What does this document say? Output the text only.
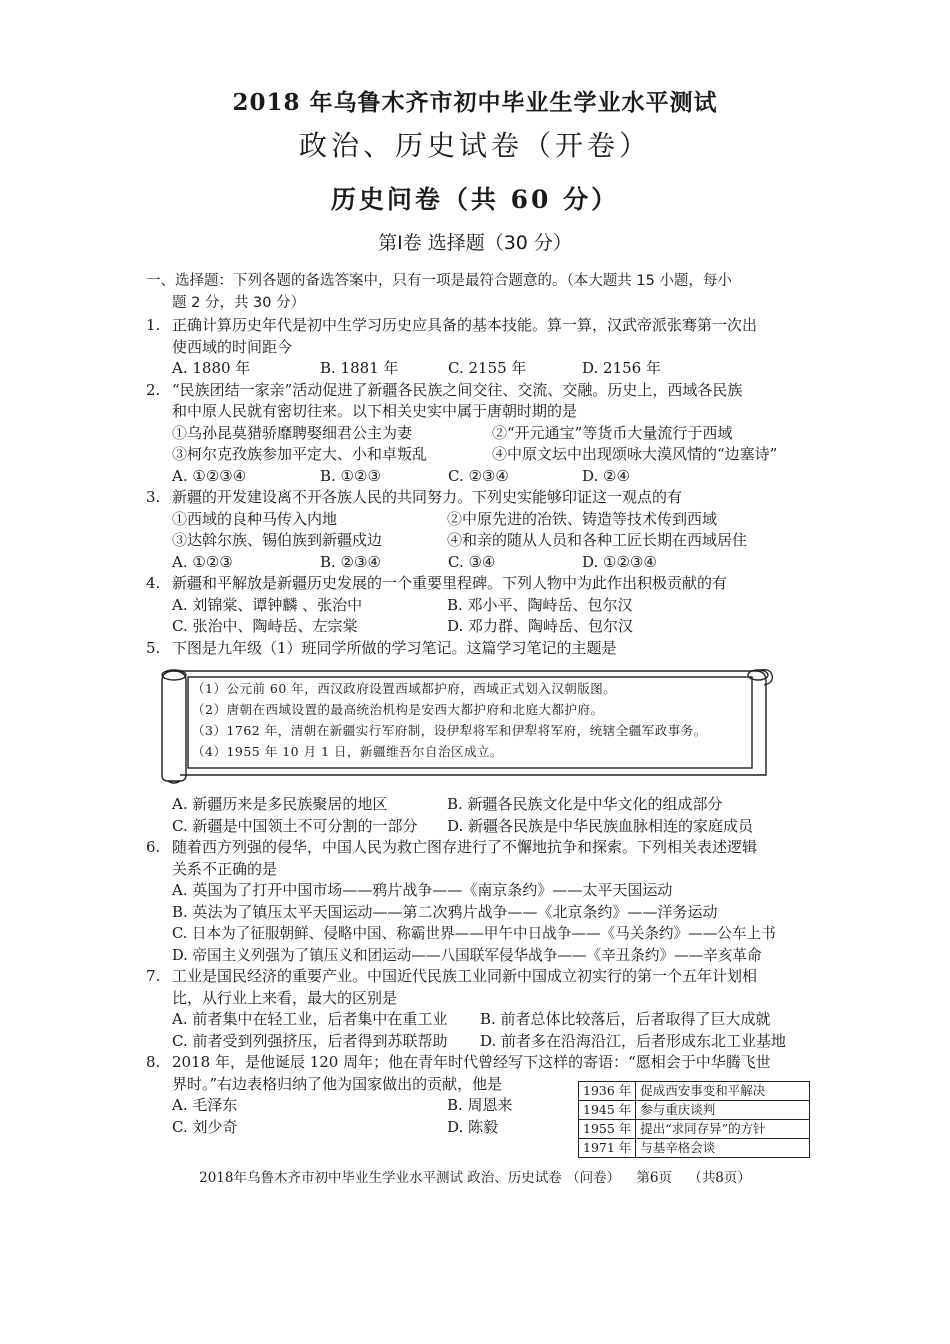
2018 年乌鲁木齐市初中毕业生学业水平测试
政治、历史试卷（开卷）
历史问卷（共 60 分）
第Ⅰ卷 选择题（30 分）
一、选择题：下列各题的备选答案中，只有一项是最符合题意的。（本大题共 15 小题，每小
题 2 分，共 30 分）
1. 正确计算历史年代是初中生学习历史应具备的基本技能。算一算，汉武帝派张骞第一次出
使西域的时间距今
A. 1880 年	B. 1881 年	C. 2155 年	D. 2156 年
2. “民族团结一家亲”活动促进了新疆各民族之间交往、交流、交融。历史上，西域各民族
和中原人民就有密切往来。以下相关史实中属于唐朝时期的是
①乌孙昆莫猎骄靡聘娶细君公主为妻	②“开元通宝”等货币大量流行于西域
③柯尔克孜族参加平定大、小和卓叛乱	④中原文坛中出现颂咏大漠风情的“边塞诗”
A. ①②③④	B. ①②③	C. ②③④	D. ②④
3. 新疆的开发建设离不开各族人民的共同努力。下列史实能够印证这一观点的有
①西域的良种马传入内地	②中原先进的冶铁、铸造等技术传到西域
③达斡尔族、锡伯族到新疆戍边	④和亲的随从人员和各种工匠长期在西域居住
A. ①②③	B. ②③④	C. ③④	D. ①②③④
4. 新疆和平解放是新疆历史发展的一个重要里程碑。下列人物中为此作出积极贡献的有
A. 刘锦棠、谭钟麟 、张治中	B. 邓小平、陶峙岳、包尔汉
C. 张治中、陶峙岳、左宗棠	D. 邓力群、陶峙岳、包尔汉
5. 下图是九年级（1）班同学所做的学习笔记。这篇学习笔记的主题是
（1）公元前 60 年，西汉政府设置西域都护府，西域正式划入汉朝版图。
（2）唐朝在西域设置的最高统治机构是安西大都护府和北庭大都护府。
（3）1762 年，清朝在新疆实行军府制，设伊犁将军和伊犁将军府，统辖全疆军政事务。
（4）1955 年 10 月 1 日，新疆维吾尔自治区成立。
A. 新疆历来是多民族聚居的地区	B. 新疆各民族文化是中华文化的组成部分
C. 新疆是中国领土不可分割的一部分	D. 新疆各民族是中华民族血脉相连的家庭成员
6. 随着西方列强的侵华，中国人民为救亡图存进行了不懈地抗争和探索。下列相关表述逻辑
关系不正确的是
A. 英国为了打开中国市场——鸦片战争——《南京条约》——太平天国运动
B. 英法为了镇压太平天国运动——第二次鸦片战争——《北京条约》——洋务运动
C. 日本为了征服朝鲜、侵略中国、称霸世界——甲午中日战争——《马关条约》——公车上书
D. 帝国主义列强为了镇压义和团运动——八国联军侵华战争——《辛丑条约》——辛亥革命
7. 工业是国民经济的重要产业。中国近代民族工业同新中国成立初实行的第一个五年计划相
比，从行业上来看，最大的区别是
A. 前者集中在轻工业，后者集中在重工业	B. 前者总体比较落后，后者取得了巨大成就
C. 前者受到列强挤压，后者得到苏联帮助	D. 前者多在沿海沿江，后者形成东北工业基地
8. 2018 年，是他诞辰 120 周年；他在青年时代曾经写下这样的寄语：“愿相会于中华腾飞世
界时。”右边表格归纳了他为国家做出的贡献，他是
A. 毛泽东	B. 周恩来
C. 刘少奇	D. 陈毅
1936 年	促成西安事变和平解决
1945 年	参与重庆谈判
1955 年	提出“求同存异”的方针
1971 年	与基辛格会谈
2018年乌鲁木齐市初中毕业生学业水平测试 政治、历史试卷 （问卷） 第6页 （共8页）
